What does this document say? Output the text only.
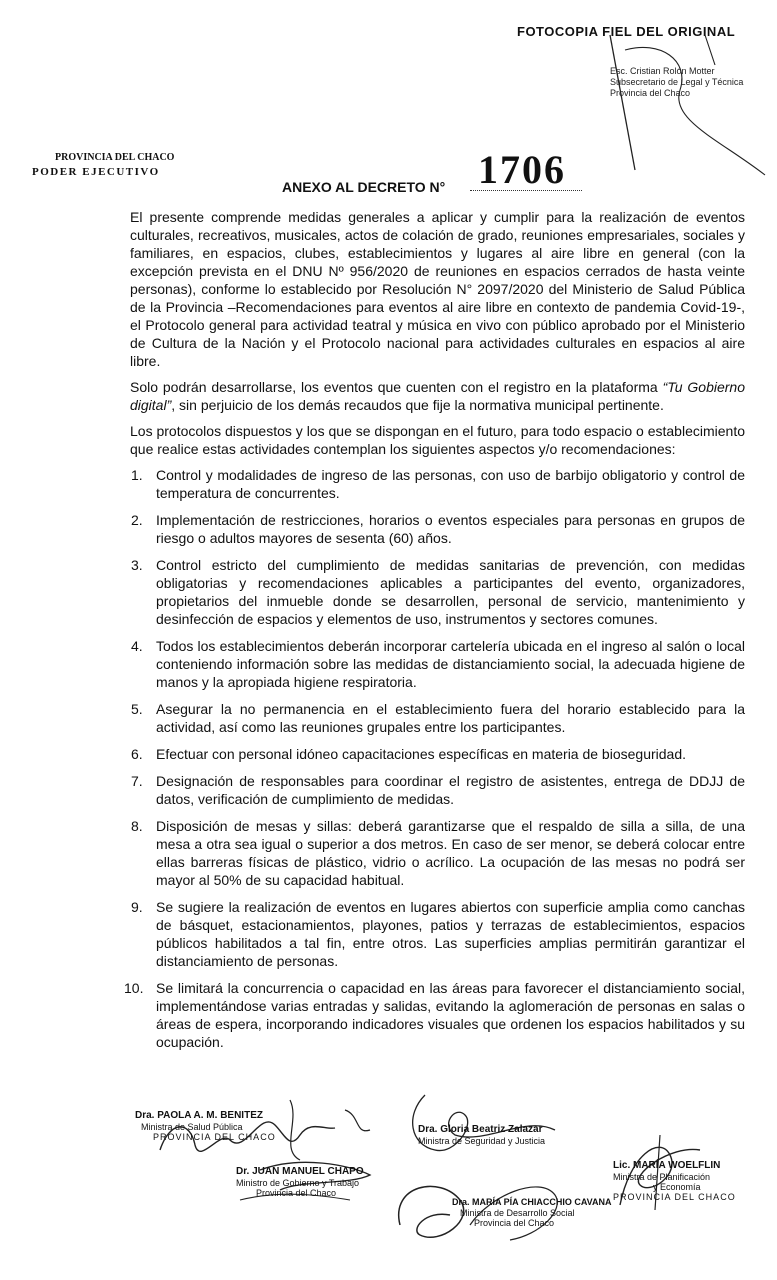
FOTOCOPIA FIEL DEL ORIGINAL
Esc. Cristian Rolón Motter
Subsecretario de Legal y Técnica
Provincia del Chaco
PROVINCIA DEL CHACO
PODER EJECUTIVO
ANEXO AL DECRETO N° 1706

El presente comprende medidas generales a aplicar y cumplir para la realización de eventos culturales, recreativos, musicales, actos de colación de grado, reuniones empresariales, sociales y familiares, en espacios, clubes, establecimientos y lugares al aire libre en general (con la excepción prevista en el DNU Nº 956/2020 de reuniones en espacios cerrados de hasta veinte personas), conforme lo establecido por Resolución N° 2097/2020 del Ministerio de Salud Pública de la Provincia –Recomendaciones para eventos al aire libre en contexto de pandemia Covid-19-, el Protocolo general para actividad teatral y música en vivo con público aprobado por el Ministerio de Cultura de la Nación y el Protocolo nacional para actividades culturales en espacios al aire libre.

Solo podrán desarrollarse, los eventos que cuenten con el registro en la plataforma “Tu Gobierno digital”, sin perjuicio de los demás recaudos que fije la normativa municipal pertinente.

Los protocolos dispuestos y los que se dispongan en el futuro, para todo espacio o establecimiento que realice estas actividades contemplan los siguientes aspectos y/o recomendaciones:

1. Control y modalidades de ingreso de las personas, con uso de barbijo obligatorio y control de temperatura de concurrentes.
2. Implementación de restricciones, horarios o eventos especiales para personas en grupos de riesgo o adultos mayores de sesenta (60) años.
3. Control estricto del cumplimiento de medidas sanitarias de prevención, con medidas obligatorias y recomendaciones aplicables a participantes del evento, organizadores, propietarios del inmueble donde se desarrollen, personal de servicio, mantenimiento y desinfección de espacios y elementos de uso, instrumentos y sectores comunes.
4. Todos los establecimientos deberán incorporar cartelería ubicada en el ingreso al salón o local conteniendo información sobre las medidas de distanciamiento social, la adecuada higiene de manos y la apropiada higiene respiratoria.
5. Asegurar la no permanencia en el establecimiento fuera del horario establecido para la actividad, así como las reuniones grupales entre los participantes.
6. Efectuar con personal idóneo capacitaciones específicas en materia de bioseguridad.
7. Designación de responsables para coordinar el registro de asistentes, entrega de DDJJ de datos, verificación de cumplimiento de medidas.
8. Disposición de mesas y sillas: deberá garantizarse que el respaldo de silla a silla, de una mesa a otra sea igual o superior a dos metros. En caso de ser menor, se deberá colocar entre ellas barreras físicas de plástico, vidrio o acrílico. La ocupación de las mesas no podrá ser mayor al 50% de su capacidad habitual.
9. Se sugiere la realización de eventos en lugares abiertos con superficie amplia como canchas de básquet, estacionamientos, playones, patios y terrazas de establecimientos, espacios públicos habilitados a tal fin, entre otros. Las superficies amplias permitirán garantizar el distanciamiento de personas.
10. Se limitará la concurrencia o capacidad en las áreas para favorecer el distanciamiento social, implementándose varias entradas y salidas, evitando la aglomeración de personas en salas o áreas de espera, incorporando indicadores visuales que ordenen los espacios habilitados y su ocupación.
Dra. PAOLA A. M. BENITEZ
Ministra de Salud Pública
PROVINCIA DEL CHACO
Dr. JUAN MANUEL CHAPO
Ministro de Gobierno y Trabajo
Provincia del Chaco
Dra. Gloria Beatriz Zalazar
Ministra de Seguridad y Justicia
Dra. MARÍA PÍA CHIACCHIO CAVANA
Ministra de Desarrollo Social
Provincia del Chaco
Lic. MARÍA WOELFLIN
Ministra de Planificación
y Economía
PROVINCIA DEL CHACO
